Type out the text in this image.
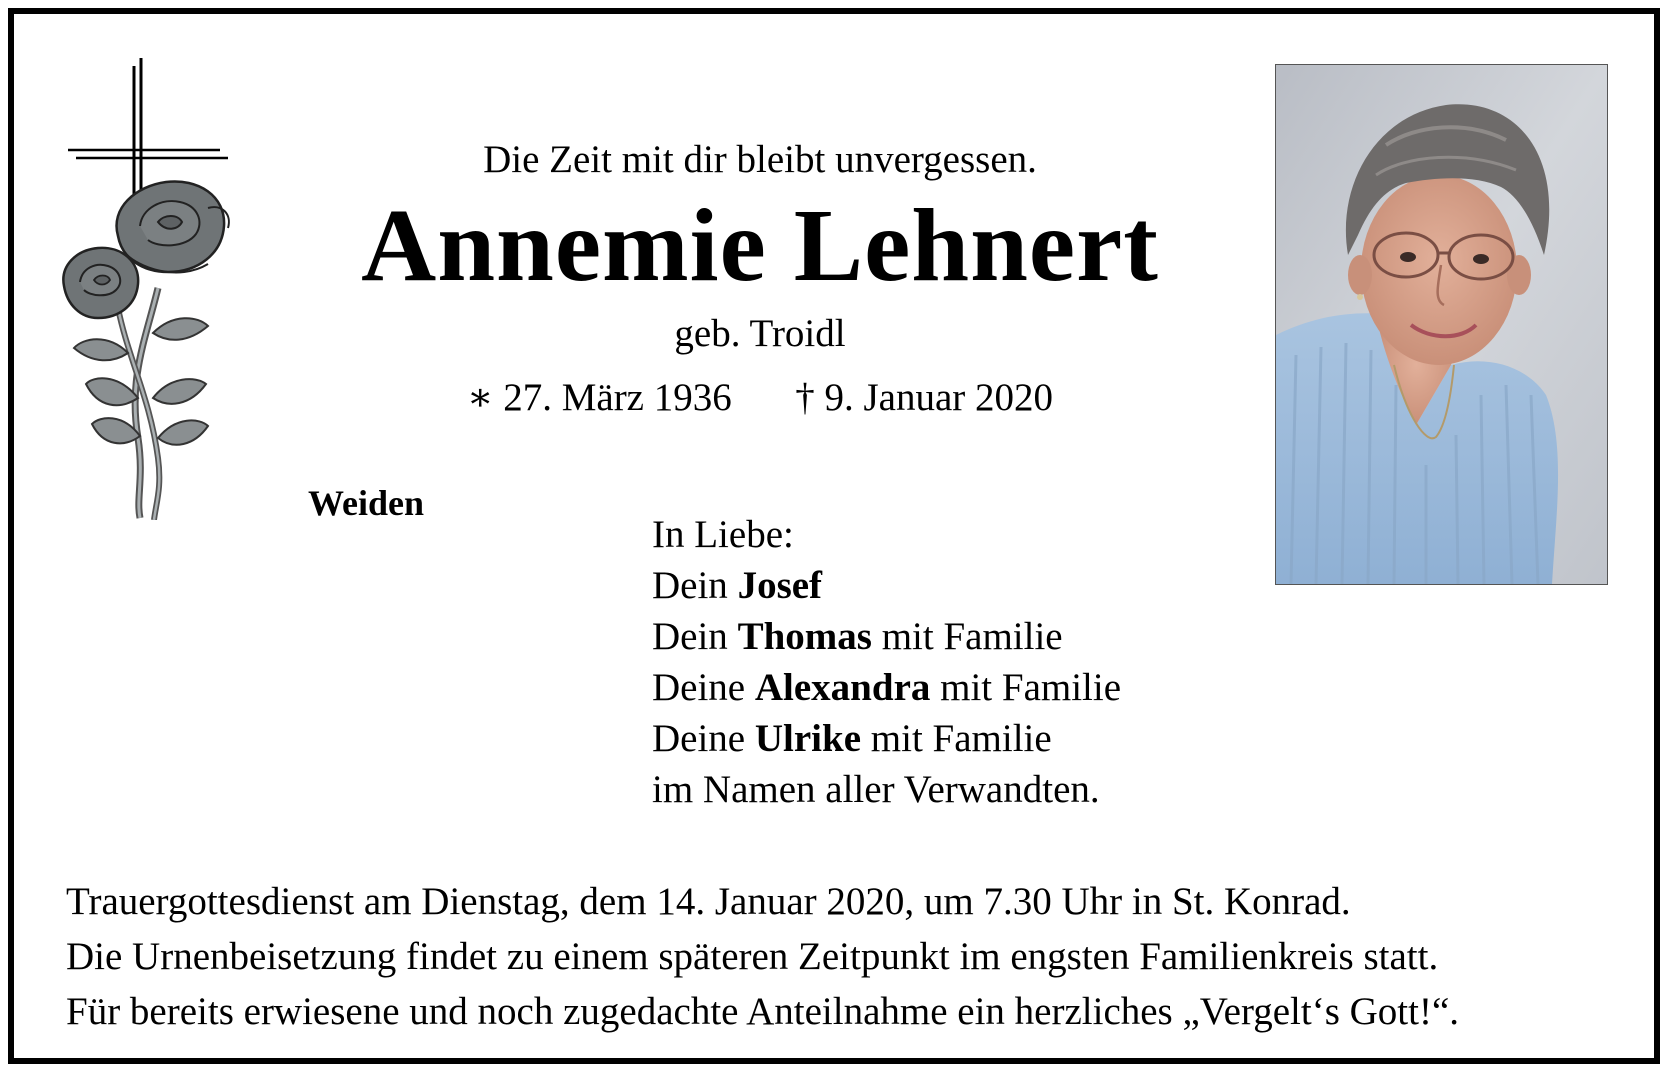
Die Zeit mit dir bleibt unvergessen.
Annemie Lehnert
geb. Troidl
∗ 27. März 1936 † 9. Januar 2020
Weiden
In Liebe:
Dein Josef
Dein Thomas mit Familie
Deine Alexandra mit Familie
Deine Ulrike mit Familie
im Namen aller Verwandten.
Trauergottesdienst am Dienstag, dem 14. Januar 2020, um 7.30 Uhr in St. Konrad.
Die Urnenbeisetzung findet zu einem späteren Zeitpunkt im engsten Familienkreis statt.
Für bereits erwiesene und noch zugedachte Anteilnahme ein herzliches „Vergelt‘s Gott!“.
